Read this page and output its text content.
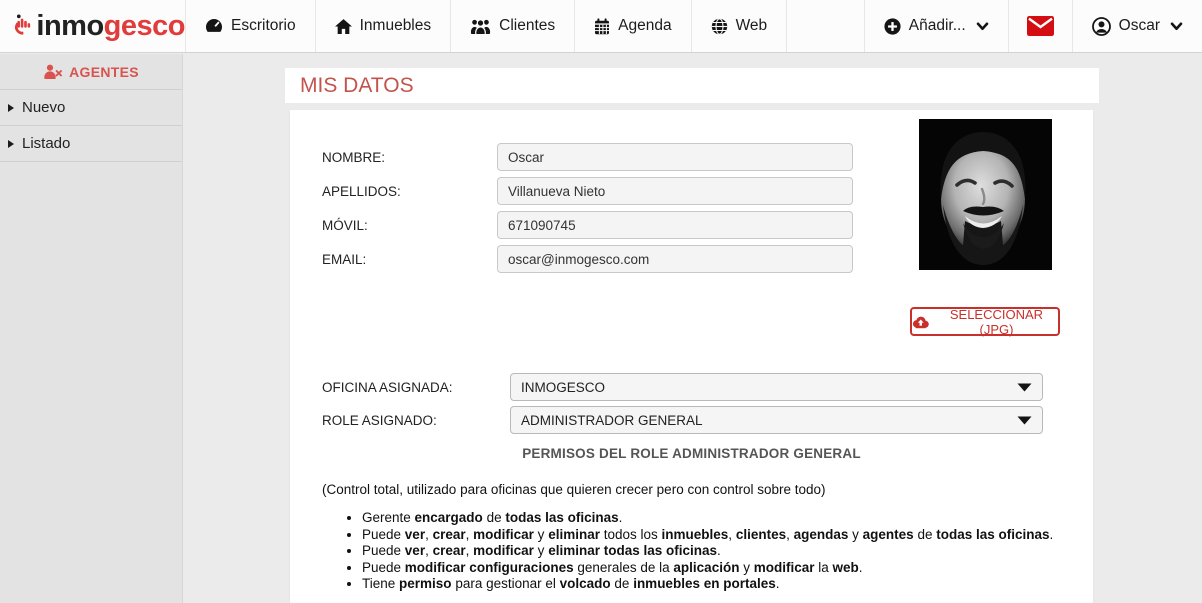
inmogesco	Escritorio	Inmuebles	Clientes	Agenda	Web	Añadir...	Oscar
AGENTES
Nuevo
Listado
MIS DATOS
NOMBRE:
Oscar
APELLIDOS:
Villanueva Nieto
MÓVIL:
671090745
EMAIL:
oscar@inmogesco.com
SELECCIONAR (JPG)
OFICINA ASIGNADA:	INMOGESCO
ROLE ASIGNADO:	ADMINISTRADOR GENERAL
PERMISOS DEL ROLE ADMINISTRADOR GENERAL
(Control total, utilizado para oficinas que quieren crecer pero con control sobre todo)
• Gerente encargado de todas las oficinas.
• Puede ver, crear, modificar y eliminar todos los inmuebles, clientes, agendas y agentes de todas las oficinas.
• Puede ver, crear, modificar y eliminar todas las oficinas.
• Puede modificar configuraciones generales de la aplicación y modificar la web.
• Tiene permiso para gestionar el volcado de inmuebles en portales.
